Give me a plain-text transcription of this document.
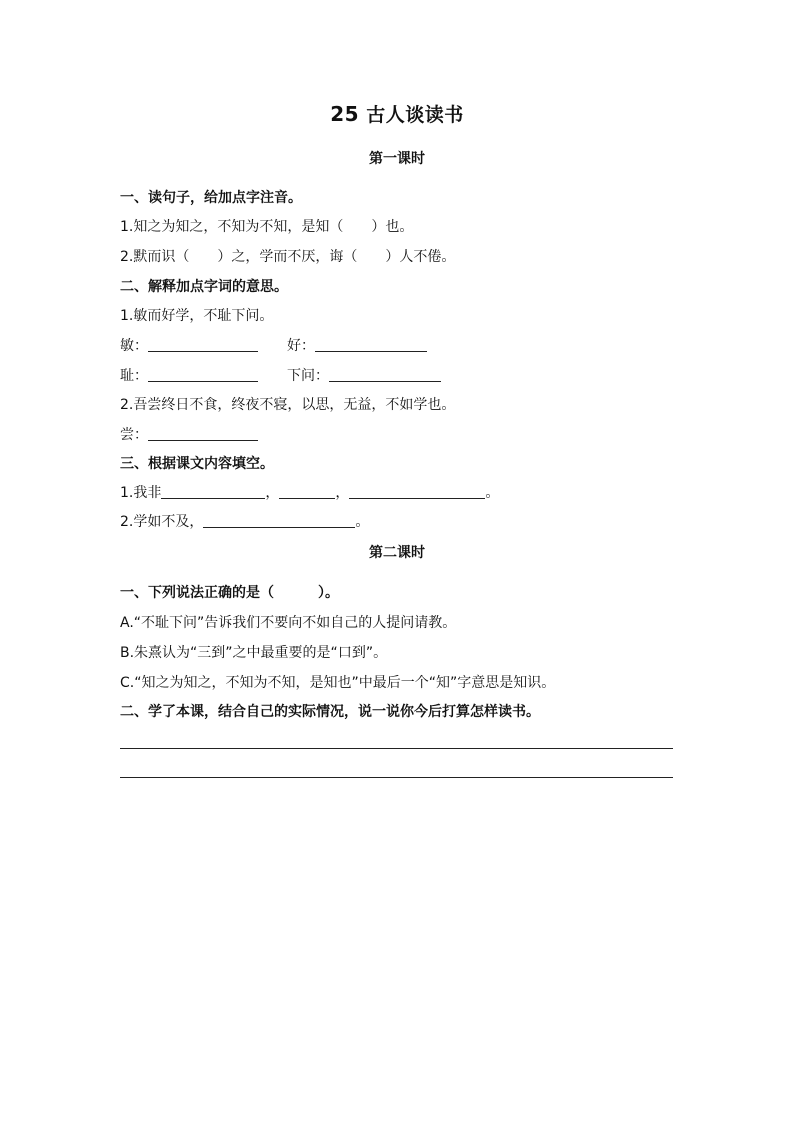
25 古人谈读书
第一课时
一、读句子，给加点字注音。
1.知之为知之，不知为不知，是知（ ）也。
2.默而识（ ）之，学而不厌，诲（ ）人不倦。
二、解释加点字词的意思。
1.敏而好学，不耻下问。
敏：	好：
耻：	下问：
2.吾尝终日不食，终夜不寝，以思，无益，不如学也。
尝：
三、根据课文内容填空。
1.我非	，	，	。
2.学如不及，	。
第二课时
一、下列说法正确的是（	）。
A.“不耻下问”告诉我们不要向不如自己的人提问请教。
B.朱熹认为“三到”之中最重要的是“口到”。
C.“知之为知之，不知为不知，是知也”中最后一个“知”字意思是知识。
二、学了本课，结合自己的实际情况，说一说你今后打算怎样读书。
